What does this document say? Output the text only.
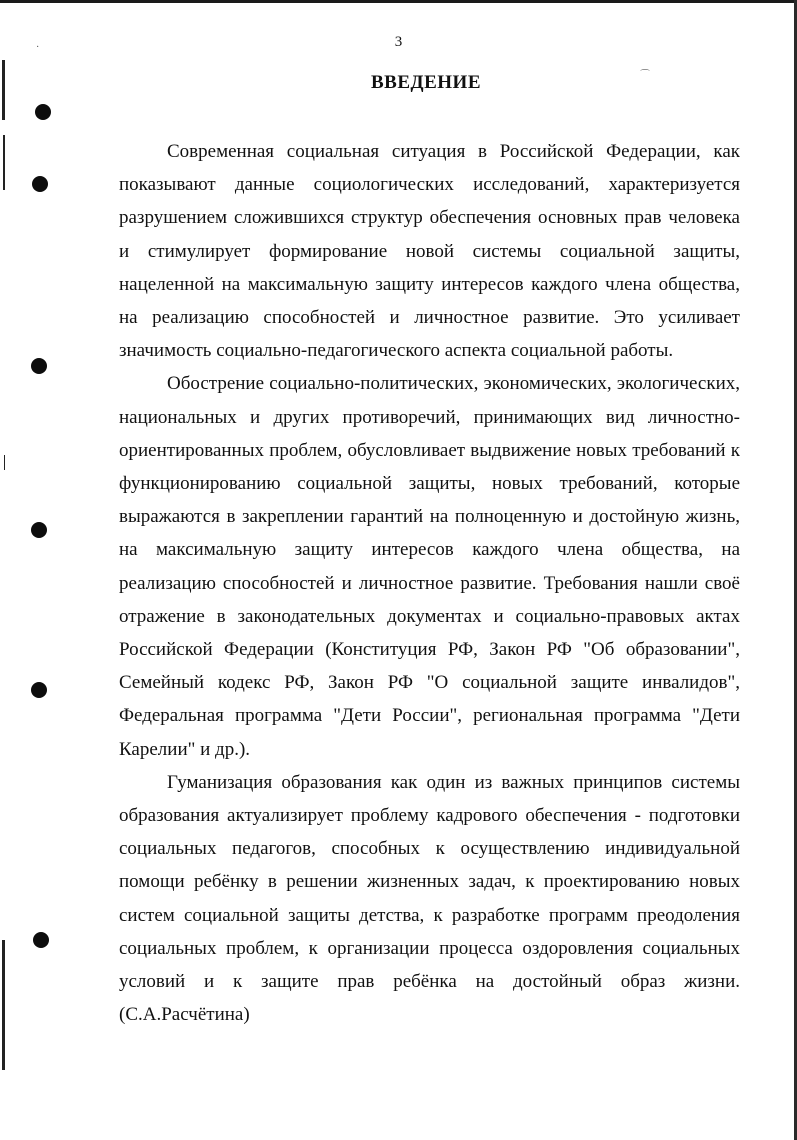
⌒
·	3
ВВЕДЕНИЕ

Современная социальная ситуация в Российской Федерации, как показывают данные социологических исследований, характеризуется разрушением сложившихся структур обеспечения основных прав человека и стимулирует формирование новой системы социальной защиты, нацеленной на максимальную защиту интересов каждого члена общества, на реализацию способностей и личностное развитие. Это усиливает значимость социально-педагогического аспекта социальной работы.

Обострение социально-политических, экономических, экологических, национальных и других противоречий, принимающих вид личностно-ориентированных проблем, обусловливает выдвижение новых требований к функционированию социальной защиты, новых требований, которые выражаются в закреплении гарантий на полноценную и достойную жизнь, на максимальную защиту интересов каждого члена общества, на реализацию способностей и личностное развитие. Требования нашли своё отражение в законодательных документах и социально-правовых актах Российской Федерации (Конституция РФ, Закон РФ "Об образовании", Семейный кодекс РФ, Закон РФ "О социальной защите инвалидов", Федеральная программа "Дети России", региональная программа "Дети Карелии" и др.).

Гуманизация образования как один из важных принципов системы образования актуализирует проблему кадрового обеспечения - подготовки социальных педагогов, способных к осуществлению индивидуальной помощи ребёнку в решении жизненных задач, к проектированию новых систем социальной защиты детства, к разработке программ преодоления социальных проблем, к организации процесса оздоровления социальных условий и к защите прав ребёнка на достойный образ жизни. (С.А.Расчётина)
